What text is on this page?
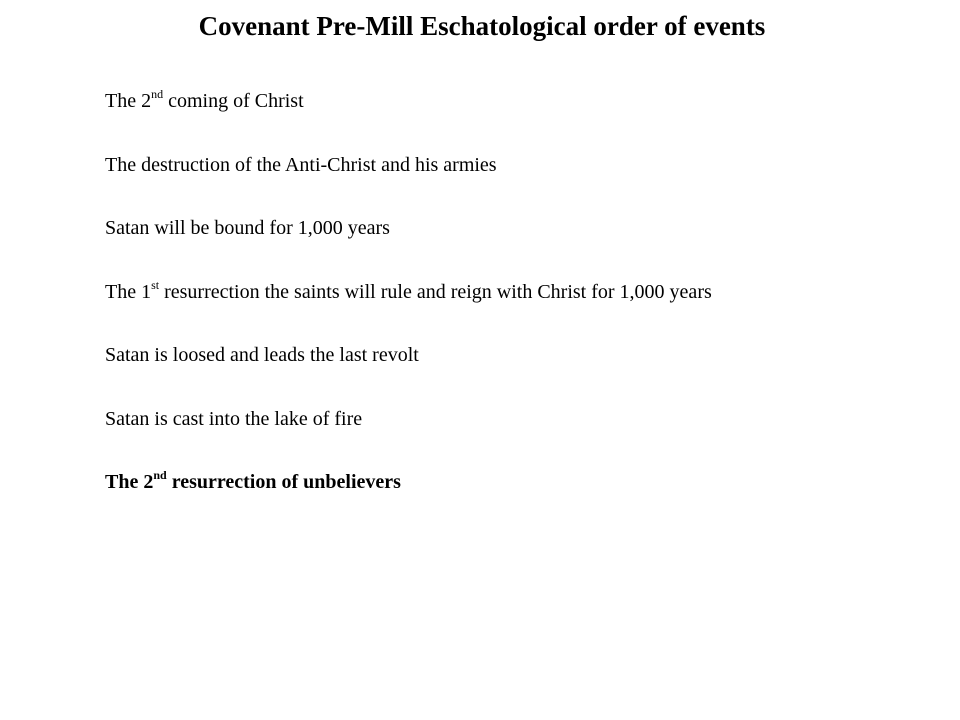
Covenant Pre-Mill Eschatological order of events
The 2nd coming of Christ
The destruction of the Anti-Christ and his armies
Satan will be bound for 1,000 years
The 1st resurrection the saints will rule and reign with Christ for 1,000 years
Satan is loosed and leads the last revolt
Satan is cast into the lake of fire
The 2nd resurrection of unbelievers
